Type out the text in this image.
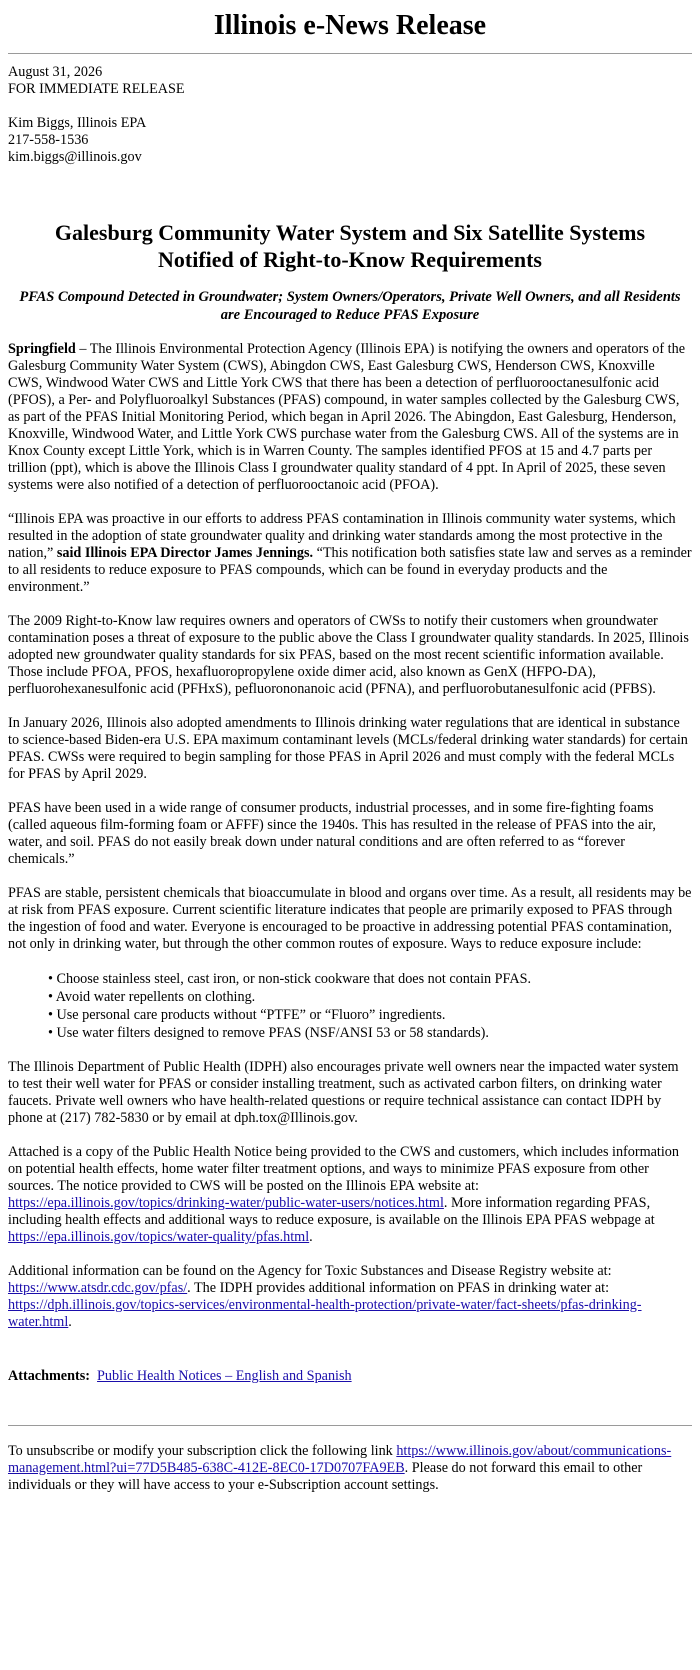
Illinois e-News Release
August 31, 2026
FOR IMMEDIATE RELEASE
Kim Biggs, Illinois EPA
217-558-1536
kim.biggs@illinois.gov
Galesburg Community Water System and Six Satellite Systems Notified of Right-to-Know Requirements

PFAS Compound Detected in Groundwater; System Owners/Operators, Private Well Owners, and all Residents are Encouraged to Reduce PFAS Exposure

Springfield – The Illinois Environmental Protection Agency (Illinois EPA) is notifying the owners and operators of the Galesburg Community Water System (CWS), Abingdon CWS, East Galesburg CWS, Henderson CWS, Knoxville CWS, Windwood Water CWS and Little York CWS that there has been a detection of perfluorooctanesulfonic acid (PFOS), a Per- and Polyfluoroalkyl Substances (PFAS) compound, in water samples collected by the Galesburg CWS, as part of the PFAS Initial Monitoring Period, which began in April 2026. The Abingdon, East Galesburg, Henderson, Knoxville, Windwood Water, and Little York CWS purchase water from the Galesburg CWS. All of the systems are in Knox County except Little York, which is in Warren County. The samples identified PFOS at 15 and 4.7 parts per trillion (ppt), which is above the Illinois Class I groundwater quality standard of 4 ppt. In April of 2025, these seven systems were also notified of a detection of perfluorooctanoic acid (PFOA).

“Illinois EPA was proactive in our efforts to address PFAS contamination in Illinois community water systems, which resulted in the adoption of state groundwater quality and drinking water standards among the most protective in the nation,” said Illinois EPA Director James Jennings. “This notification both satisfies state law and serves as a reminder to all residents to reduce exposure to PFAS compounds, which can be found in everyday products and the environment.”

The 2009 Right-to-Know law requires owners and operators of CWSs to notify their customers when groundwater contamination poses a threat of exposure to the public above the Class I groundwater quality standards. In 2025, Illinois adopted new groundwater quality standards for six PFAS, based on the most recent scientific information available. Those include PFOA, PFOS, hexafluoropropylene oxide dimer acid, also known as GenX (HFPO-DA), perfluorohexanesulfonic acid (PFHxS), pefluorononanoic acid (PFNA), and perfluorobutanesulfonic acid (PFBS).

In January 2026, Illinois also adopted amendments to Illinois drinking water regulations that are identical in substance to science-based Biden-era U.S. EPA maximum contaminant levels (MCLs/federal drinking water standards) for certain PFAS. CWSs were required to begin sampling for those PFAS in April 2026 and must comply with the federal MCLs for PFAS by April 2029.

PFAS have been used in a wide range of consumer products, industrial processes, and in some fire-fighting foams (called aqueous film-forming foam or AFFF) since the 1940s. This has resulted in the release of PFAS into the air, water, and soil. PFAS do not easily break down under natural conditions and are often referred to as “forever chemicals.”

PFAS are stable, persistent chemicals that bioaccumulate in blood and organs over time. As a result, all residents may be at risk from PFAS exposure. Current scientific literature indicates that people are primarily exposed to PFAS through the ingestion of food and water. Everyone is encouraged to be proactive in addressing potential PFAS contamination, not only in drinking water, but through the other common routes of exposure. Ways to reduce exposure include:

• Choose stainless steel, cast iron, or non-stick cookware that does not contain PFAS.
• Avoid water repellents on clothing.
• Use personal care products without “PTFE” or “Fluoro” ingredients.
• Use water filters designed to remove PFAS (NSF/ANSI 53 or 58 standards).

The Illinois Department of Public Health (IDPH) also encourages private well owners near the impacted water system to test their well water for PFAS or consider installing treatment, such as activated carbon filters, on drinking water faucets. Private well owners who have health-related questions or require technical assistance can contact IDPH by phone at (217) 782-5830 or by email at dph.tox@Illinois.gov.

Attached is a copy of the Public Health Notice being provided to the CWS and customers, which includes information on potential health effects, home water filter treatment options, and ways to minimize PFAS exposure from other sources. The notice provided to CWS will be posted on the Illinois EPA website at: https://epa.illinois.gov/topics/drinking-water/public-water-users/notices.html. More information regarding PFAS, including health effects and additional ways to reduce exposure, is available on the Illinois EPA PFAS webpage at https://epa.illinois.gov/topics/water-quality/pfas.html.

Additional information can be found on the Agency for Toxic Substances and Disease Registry website at: https://www.atsdr.cdc.gov/pfas/. The IDPH provides additional information on PFAS in drinking water at: https://dph.illinois.gov/topics-services/environmental-health-protection/private-water/fact-sheets/pfas-drinking-water.html.

Attachments: Public Health Notices – English and Spanish

To unsubscribe or modify your subscription click the following link https://www.illinois.gov/about/communications-management.html?ui=77D5B485-638C-412E-8EC0-17D0707FA9EB. Please do not forward this email to other individuals or they will have access to your e-Subscription account settings.
